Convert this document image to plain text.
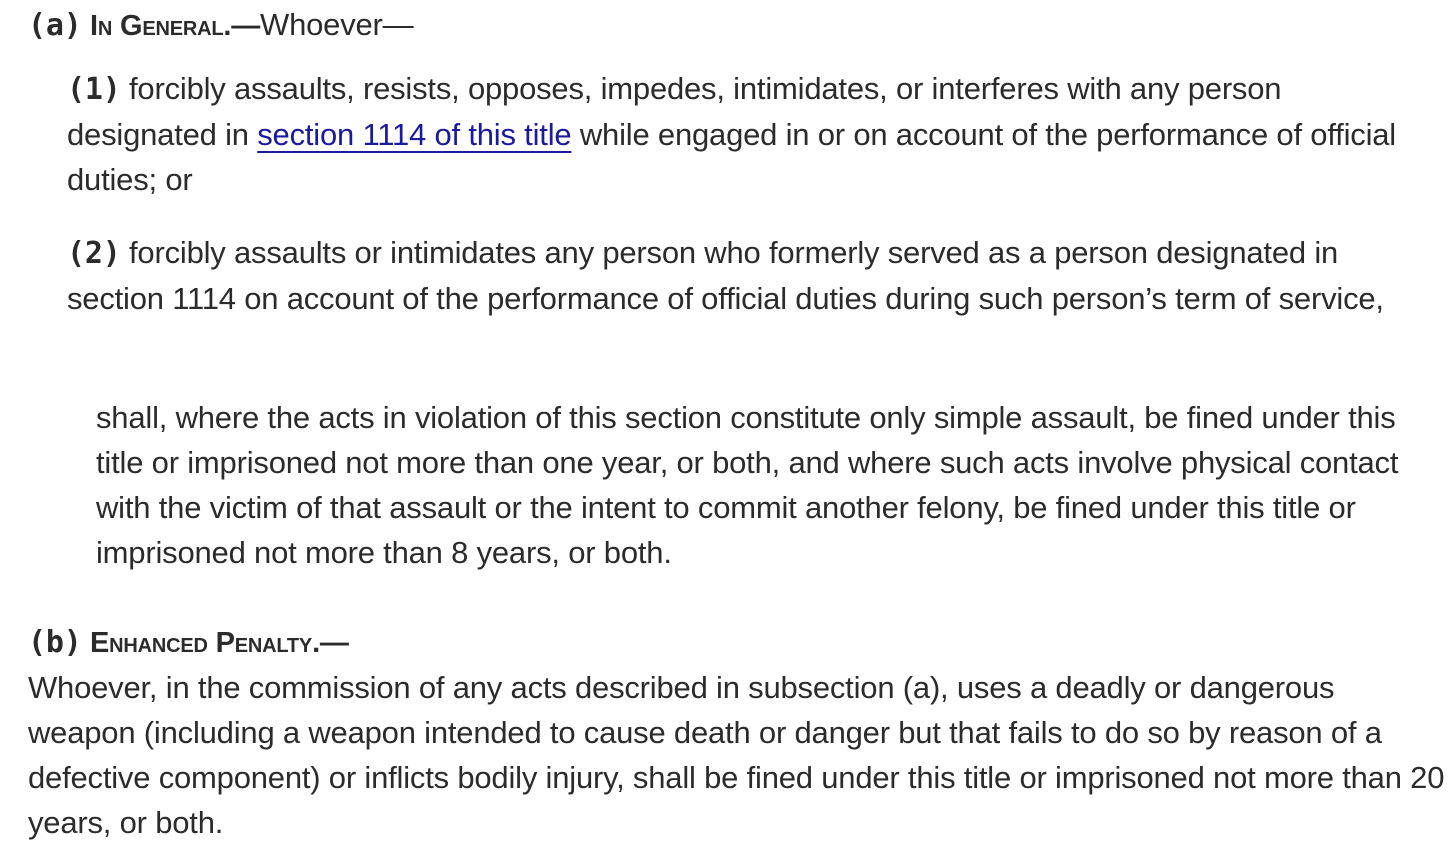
(a) In General.—Whoever—

(1) forcibly assaults, resists, opposes, impedes, intimidates, or interferes with any person designated in section 1114 of this title while engaged in or on account of the performance of official duties; or

(2) forcibly assaults or intimidates any person who formerly served as a person designated in section 1114 on account of the performance of official duties during such person’s term of service,

shall, where the acts in violation of this section constitute only simple assault, be fined under this title or imprisoned not more than one year, or both, and where such acts involve physical contact with the victim of that assault or the intent to commit another felony, be fined under this title or imprisoned not more than 8 years, or both.

(b) Enhanced Penalty.—

Whoever, in the commission of any acts described in subsection (a), uses a deadly or dangerous weapon (including a weapon intended to cause death or danger but that fails to do so by reason of a defective component) or inflicts bodily injury, shall be fined under this title or imprisoned not more than 20 years, or both.
